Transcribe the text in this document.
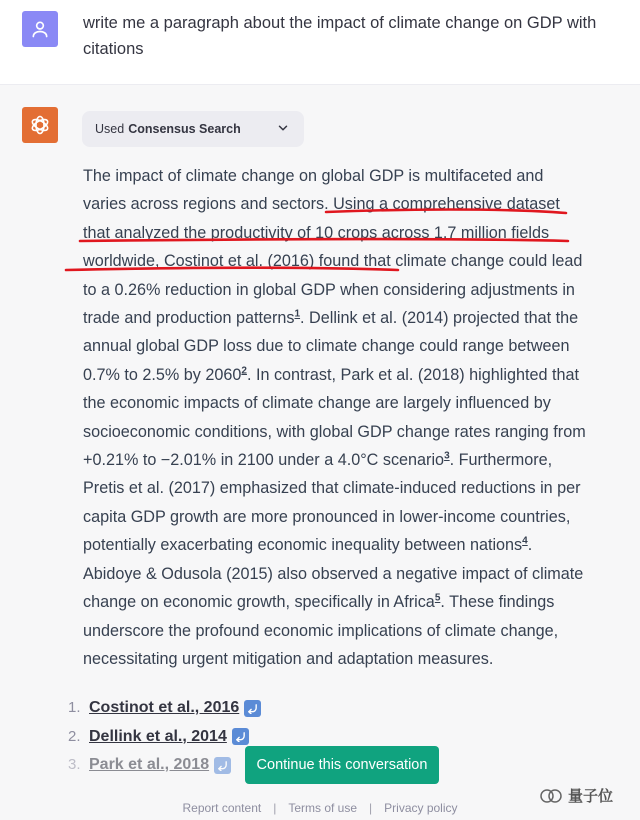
write me a paragraph about the impact of climate change on GDP with citations
Used Consensus Search
The impact of climate change on global GDP is multifaceted and varies across regions and sectors. Using a comprehensive dataset that analyzed the productivity of 10 crops across 1.7 million fields worldwide, Costinot et al. (2016) found that climate change could lead to a 0.26% reduction in global GDP when considering adjustments in trade and production patterns$^1$. Dellink et al. (2014) projected that the annual global GDP loss due to climate change could range between 0.7% to 2.5% by 2060$^2$. In contrast, Park et al. (2018) highlighted that the economic impacts of climate change are largely influenced by socioeconomic conditions, with global GDP change rates ranging from +0.21% to −2.01% in 2100 under a 4.0°C scenario$^3$. Furthermore, Pretis et al. (2017) emphasized that climate-induced reductions in per capita GDP growth are more pronounced in lower-income countries, potentially exacerbating economic inequality between nations$^4$. Abidoye & Odusola (2015) also observed a negative impact of climate change on economic growth, specifically in Africa$^5$. These findings underscore the profound economic implications of climate change, necessitating urgent mitigation and adaptation measures.
1. Costinot et al., 2016
2. Dellink et al., 2014
3. Park et al., 2018	Continue this conversation
Report content | Terms of use | Privacy policy
量子位
